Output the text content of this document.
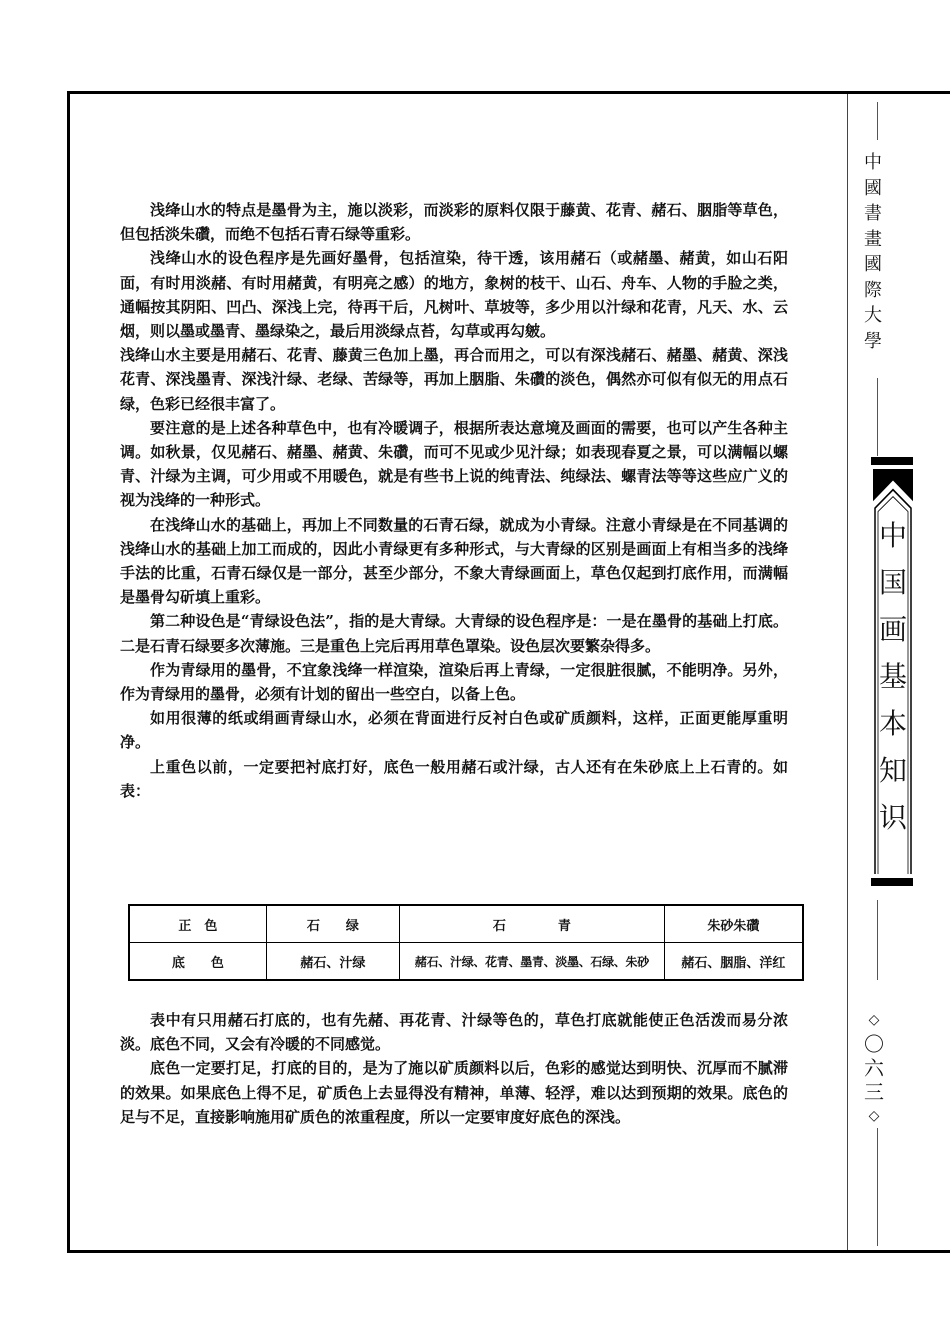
浅绛山水的特点是墨骨为主，施以淡彩，而淡彩的原料仅限于藤黄、花青、赭石、胭脂等草色，但包括淡朱礸，而绝不包括石青石绿等重彩。

浅绛山水的设色程序是先画好墨骨，包括渲染，待干透，该用赭石（或赭墨、赭黄，如山石阳面，有时用淡赭、有时用赭黄，有明亮之感）的地方，象树的枝干、山石、舟车、人物的手脸之类，通幅按其阴阳、凹凸、深浅上完，待再干后，凡树叶、草坡等，多少用以汁绿和花青，凡天、水、云烟，则以墨或墨青、墨绿染之，最后用淡绿点苔，勾草或再勾皴。

浅绛山水主要是用赭石、花青、藤黄三色加上墨，再合而用之，可以有深浅赭石、赭墨、赭黄、深浅花青、深浅墨青、深浅汁绿、老绿、苦绿等，再加上胭脂、朱礸的淡色，偶然亦可似有似无的用点石绿，色彩已经很丰富了。

要注意的是上述各种草色中，也有冷暖调子，根据所表达意境及画面的需要，也可以产生各种主调。如秋景，仅见赭石、赭墨、赭黄、朱礸，而可不见或少见汁绿；如表现春夏之景，可以满幅以螺青、汁绿为主调，可少用或不用暖色，就是有些书上说的纯青法、纯绿法、螺青法等等这些应广义的视为浅绛的一种形式。

在浅绛山水的基础上，再加上不同数量的石青石绿，就成为小青绿。注意小青绿是在不同基调的浅绛山水的基础上加工而成的，因此小青绿更有多种形式，与大青绿的区别是画面上有相当多的浅绛手法的比重，石青石绿仅是一部分，甚至少部分，不象大青绿画面上，草色仅起到打底作用，而满幅是墨骨勾斫填上重彩。

第二种设色是“青绿设色法”，指的是大青绿。大青绿的设色程序是：一是在墨骨的基础上打底。二是石青石绿要多次薄施。三是重色上完后再用草色罩染。设色层次要繁杂得多。

作为青绿用的墨骨，不宜象浅绛一样渲染，渲染后再上青绿，一定很脏很腻，不能明净。另外，作为青绿用的墨骨，必须有计划的留出一些空白，以备上色。

如用很薄的纸或绢画青绿山水，必须在背面进行反衬白色或矿质颜料，这样，正面更能厚重明净。

上重色以前，一定要把衬底打好，底色一般用赭石或汁绿，古人还有在朱砂底上上石青的。如表：

正　色	石　　绿	石　　　　青	朱砂朱礸
底　　色	赭石、汁绿	赭石、汁绿、花青、墨青、淡墨、石绿、朱砂	赭石、胭脂、洋红

表中有只用赭石打底的，也有先赭、再花青、汁绿等色的，草色打底就能使正色活泼而易分浓淡。底色不同，又会有冷暖的不同感觉。

底色一定要打足，打底的目的，是为了施以矿质颜料以后，色彩的感觉达到明快、沉厚而不腻滞的效果。如果底色上得不足，矿质色上去显得没有精神，单薄、轻浮，难以达到预期的效果。底色的足与不足，直接影响施用矿质色的浓重程度，所以一定要审度好底色的深浅。

中
國
書
畫
國
際
大
學
中
国
画
基
本
知
识
◇
〇
六
三
◇
